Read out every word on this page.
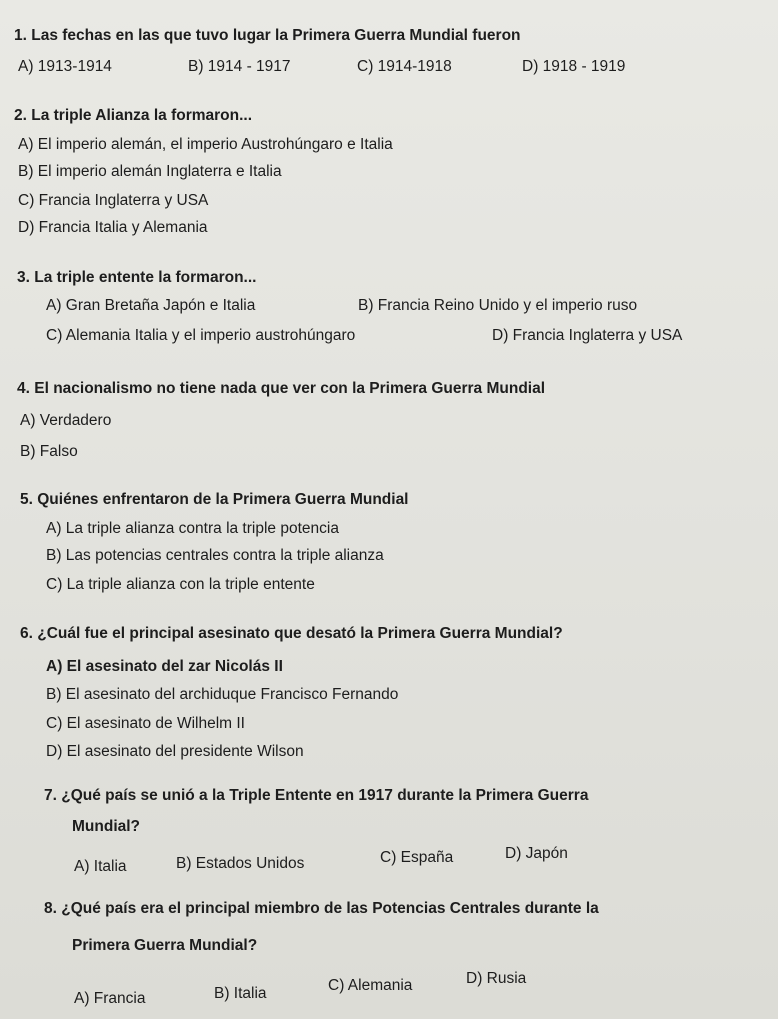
1. Las fechas en las que tuvo lugar la Primera Guerra Mundial fueron
A) 1913-1914	B) 1914 - 1917	C) 1914-1918	D) 1918 - 1919
2. La triple Alianza la formaron...
A) El imperio alemán, el imperio Austrohúngaro e Italia
B) El imperio alemán Inglaterra e Italia
C) Francia Inglaterra y USA
D) Francia Italia y Alemania
3. La triple entente la formaron...
A) Gran Bretaña Japón e Italia	B) Francia Reino Unido y el imperio ruso
C) Alemania Italia y el imperio austrohúngaro	D) Francia Inglaterra y USA
4. El nacionalismo no tiene nada que ver con la Primera Guerra Mundial
A) Verdadero
B) Falso
5. Quiénes enfrentaron de la Primera Guerra Mundial
A) La triple alianza contra la triple potencia
B) Las potencias centrales contra la triple alianza
C) La triple alianza con la triple entente
6. ¿Cuál fue el principal asesinato que desató la Primera Guerra Mundial?
A) El asesinato del zar Nicolás II
B) El asesinato del archiduque Francisco Fernando
C) El asesinato de Wilhelm II
D) El asesinato del presidente Wilson
7. ¿Qué país se unió a la Triple Entente en 1917 durante la Primera Guerra
Mundial?
A) Italia	B) Estados Unidos	C) España	D) Japón
8. ¿Qué país era el principal miembro de las Potencias Centrales durante la
Primera Guerra Mundial?
A) Francia	B) Italia	C) Alemania	D) Rusia
